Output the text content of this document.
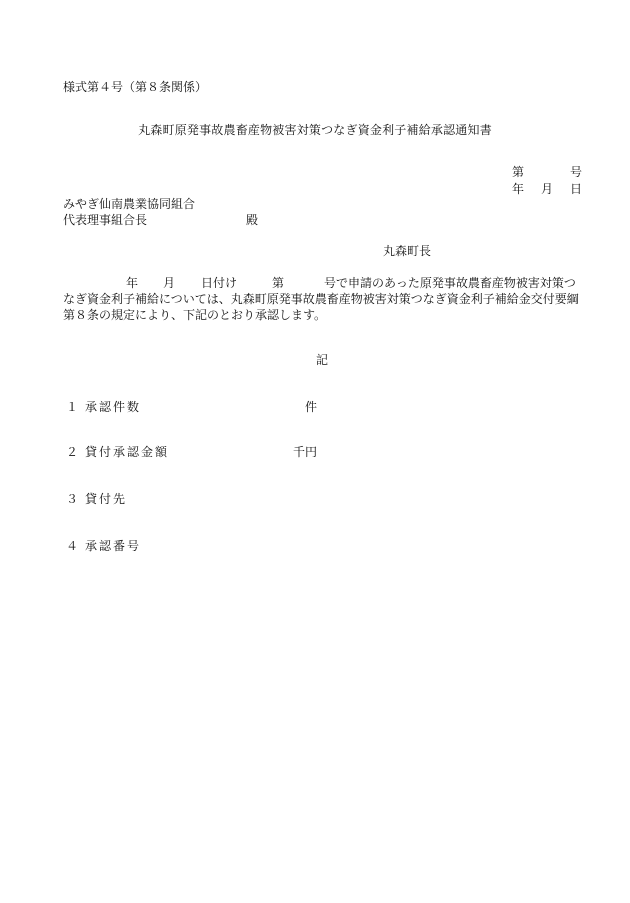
様式第４号（第８条関係）
丸森町原発事故農畜産物被害対策つなぎ資金利子補給承認通知書
第	号
年 月 日
みやぎ仙南農業協同組合
代表理事組合長	殿
丸森町長
年 月 日付け	第	号で申請のあった原発事故農畜産物被害対策つ
なぎ資金利子補給については、丸森町原発事故農畜産物被害対策つなぎ資金利子補給金交付要綱
第８条の規定により、下記のとおり承認します。
記
１ 承認件数	件
２ 貸付承認金額	千円
３ 貸付先
４ 承認番号
